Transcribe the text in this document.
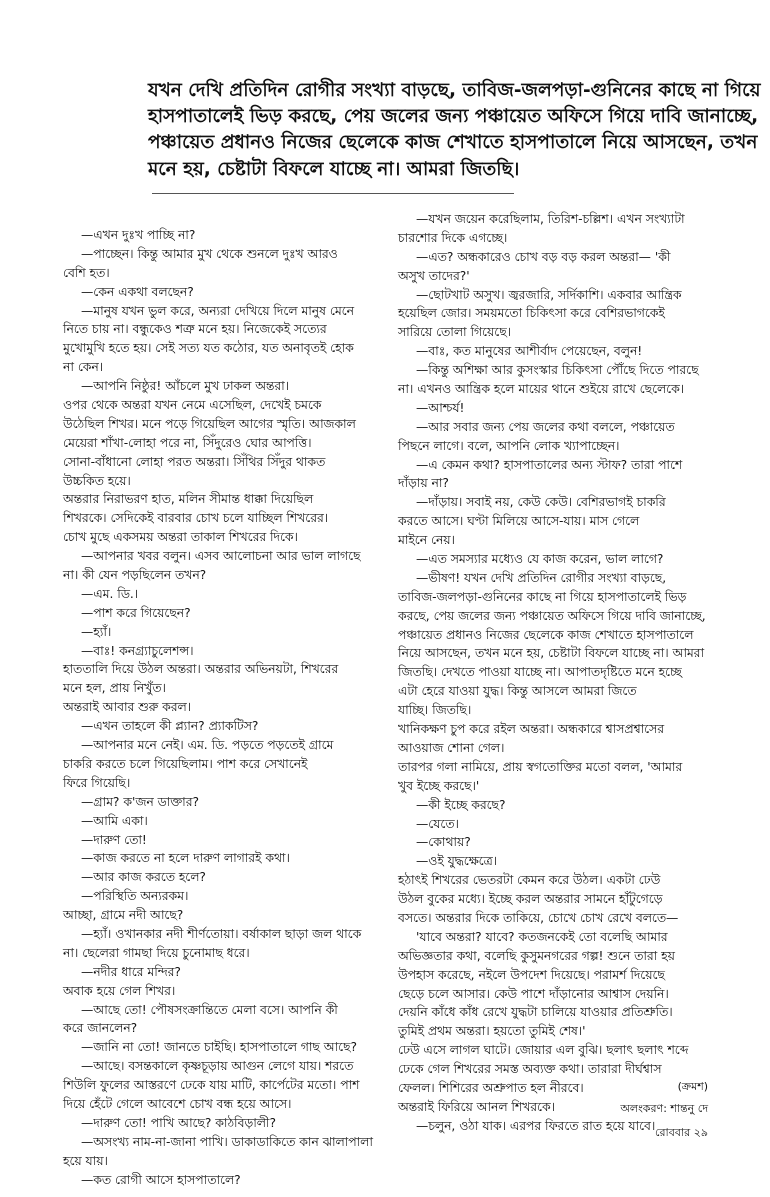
যখন দেখি প্রতিদিন রোগীর সংখ্যা বাড়ছে, তাবিজ-জলপড়া-গুনিনের কাছে না গিয়ে
হাসপাতালেই ভিড় করছে, পেয় জলের জন্য পঞ্চায়েত অফিসে গিয়ে দাবি জানাচ্ছে,
পঞ্চায়েত প্রধানও নিজের ছেলেকে কাজ শেখাতে হাসপাতালে নিয়ে আসছেন, তখন
মনে হয়, চেষ্টাটা বিফলে যাচ্ছে না। আমরা জিতছি।
—এখন দুঃখ পাচ্ছি না?
—পাচ্ছেন। কিন্তু আমার মুখ থেকে শুনলে দুঃখ আরও
বেশি হত।
—কেন একথা বলছেন?
—মানুষ যখন ভুল করে, অন্যরা দেখিয়ে দিলে মানুষ মেনে
নিতে চায় না। বন্ধুকেও শত্রু মনে হয়। নিজেকেই সত্যের
মুখোমুখি হতে হয়। সেই সত্য যত কঠোর, যত অনাবৃতই হোক
না কেন।
—আপনি নিষ্ঠুর! আঁচলে মুখ ঢাকল অন্তরা।
ওপর থেকে অন্তরা যখন নেমে এসেছিল, দেখেই চমকে
উঠেছিল শিখর। মনে পড়ে গিয়েছিল আগের স্মৃতি। আজকাল
মেয়েরা শাঁখা-লোহা পরে না, সিঁদুরেও ঘোর আপত্তি।
সোনা-বাঁধানো লোহা পরত অন্তরা। সিঁথির সিঁদুর থাকত
উচ্চকিত হয়ে।
অন্তরার নিরাভরণ হাত, মলিন সীমান্ত ধাক্কা দিয়েছিল
শিখরকে। সেদিকেই বারবার চোখ চলে যাচ্ছিল শিখরের।
চোখ মুছে একসময় অন্তরা তাকাল শিখরের দিকে।
—আপনার খবর বলুন। এসব আলোচনা আর ভাল লাগছে
না। কী যেন পড়ছিলেন তখন?
—এম. ডি.।
—পাশ করে গিয়েছেন?
—হ্যাঁ।
—বাঃ! কনগ্র্যাচুলেশন্স।
হাততালি দিয়ে উঠল অন্তরা। অন্তরার অভিনয়টা, শিখরের
মনে হল, প্রায় নিখুঁত।
অন্তরাই আবার শুরু করল।
—এখন তাহলে কী প্ল্যান? প্র্যাকটিস?
—আপনার মনে নেই। এম. ডি. পড়তে পড়তেই গ্রামে
চাকরি করতে চলে গিয়েছিলাম। পাশ করে সেখানেই
ফিরে গিয়েছি।
—গ্রাম? ক'জন ডাক্তার?
—আমি একা।
—দারুণ তো!
—কাজ করতে না হলে দারুণ লাগারই কথা।
—আর কাজ করতে হলে?
—পরিস্থিতি অন্যরকম।
আচ্ছা, গ্রামে নদী আছে?
—হ্যাঁ। ওখানকার নদী শীর্ণতোয়া। বর্ষাকাল ছাড়া জল থাকে
না। ছেলেরা গামছা দিয়ে চুনোমাছ ধরে।
—নদীর ধারে মন্দির?
অবাক হয়ে গেল শিখর।
—আছে তো! পৌষসংক্রান্তিতে মেলা বসে। আপনি কী
করে জানলেন?
—জানি না তো! জানতে চাইছি। হাসপাতালে গাছ আছে?
—আছে। বসন্তকালে কৃষ্ণচূড়ায় আগুন লেগে যায়। শরতে
শিউলি ফুলের আস্তরণে ঢেকে যায় মাটি, কার্পেটের মতো। পাশ
দিয়ে হেঁটে গেলে আবেশে চোখ বন্ধ হয়ে আসে।
—দারুণ তো! পাখি আছে? কাঠবিড়ালী?
—অসংখ্য নাম-না-জানা পাখি। ডাকাডাকিতে কান ঝালাপালা
হয়ে যায়।
—কত রোগী আসে হাসপাতালে?
—যখন জয়েন করেছিলাম, তিরিশ-চল্লিশ। এখন সংখ্যাটা
চারশোর দিকে এগচ্ছে।
—এত? অন্ধকারেও চোখ বড় বড় করল অন্তরা— 'কী
অসুখ তাদের?'
—ছোটখাট অসুখ। জ্বরজারি, সর্দিকাশি। একবার আন্ত্রিক
হয়েছিল জোর। সময়মতো চিকিৎসা করে বেশিরভাগকেই
সারিয়ে তোলা গিয়েছে।
—বাঃ, কত মানুষের আশীর্বাদ পেয়েছেন, বলুন!
—কিন্তু অশিক্ষা আর কুসংস্কার চিকিৎসা পৌঁছে দিতে পারছে
না। এখনও আন্ত্রিক হলে মায়ের থানে শুইয়ে রাখে ছেলেকে।
—আশ্চর্য!
—আর সবার জন্য পেয় জলের কথা বললে, পঞ্চায়েত
পিছনে লাগে। বলে, আপনি লোক খ্যাপাচ্ছেন।
—এ কেমন কথা? হাসপাতালের অন্য স্টাফ? তারা পাশে
দাঁড়ায় না?
—দাঁড়ায়। সবাই নয়, কেউ কেউ। বেশিরভাগই চাকরি
করতে আসে। ঘণ্টা মিলিয়ে আসে-যায়। মাস গেলে
মাইনে নেয়।
—এত সমস্যার মধ্যেও যে কাজ করেন, ভাল লাগে?
—ভীষণ! যখন দেখি প্রতিদিন রোগীর সংখ্যা বাড়ছে,
তাবিজ-জলপড়া-গুনিনের কাছে না গিয়ে হাসপাতালেই ভিড়
করছে, পেয় জলের জন্য পঞ্চায়েত অফিসে গিয়ে দাবি জানাচ্ছে,
পঞ্চায়েত প্রধানও নিজের ছেলেকে কাজ শেখাতে হাসপাতালে
নিয়ে আসছেন, তখন মনে হয়, চেষ্টাটা বিফলে যাচ্ছে না। আমরা
জিতছি। দেখতে পাওয়া যাচ্ছে না। আপাতদৃষ্টিতে মনে হচ্ছে
এটা হেরে যাওয়া যুদ্ধ। কিন্তু আসলে আমরা জিতে
যাচ্ছি। জিতছি।
খানিকক্ষণ চুপ করে রইল অন্তরা। অন্ধকারে শ্বাসপ্রশ্বাসের
আওয়াজ শোনা গেল।
তারপর গলা নামিয়ে, প্রায় স্বগতোক্তির মতো বলল, 'আমার
খুব ইচ্ছে করছে।'
—কী ইচ্ছে করছে?
—যেতে।
—কোথায়?
—ওই যুদ্ধক্ষেত্রে।
হঠাৎই শিখরের ভেতরটা কেমন করে উঠল। একটা ঢেউ
উঠল বুকের মধ্যে। ইচ্ছে করল অন্তরার সামনে হাঁটুগেড়ে
বসতে। অন্তরার দিকে তাকিয়ে, চোখে চোখ রেখে বলতে—
'যাবে অন্তরা? যাবে? কতজনকেই তো বলেছি আমার
অভিজ্ঞতার কথা, বলেছি কুসুমনগরের গল্প! শুনে তারা হয়
উপহাস করেছে, নইলে উপদেশ দিয়েছে। পরামর্শ দিয়েছে
ছেড়ে চলে আসার। কেউ পাশে দাঁড়ানোর আশ্বাস দেয়নি।
দেয়নি কাঁধে কাঁধ রেখে যুদ্ধটা চালিয়ে যাওয়ার প্রতিশ্রুতি।
তুমিই প্রথম অন্তরা। হয়তো তুমিই শেষ।'
ঢেউ এসে লাগল ঘাটে। জোয়ার এল বুঝি। ছলাৎ ছলাৎ শব্দে
ঢেকে গেল শিখরের সমস্ত অব্যক্ত কথা। তারারা দীর্ঘশ্বাস
ফেলল। শিশিরের অশ্রুপাত হল নীরবে।
অন্তরাই ফিরিয়ে আনল শিখরকে।
—চলুন, ওঠা যাক। এরপর ফিরতে রাত হয়ে যাবে।
(ক্রমশ)
অলংকরণ: শান্তনু দে
রোববার ২৯
